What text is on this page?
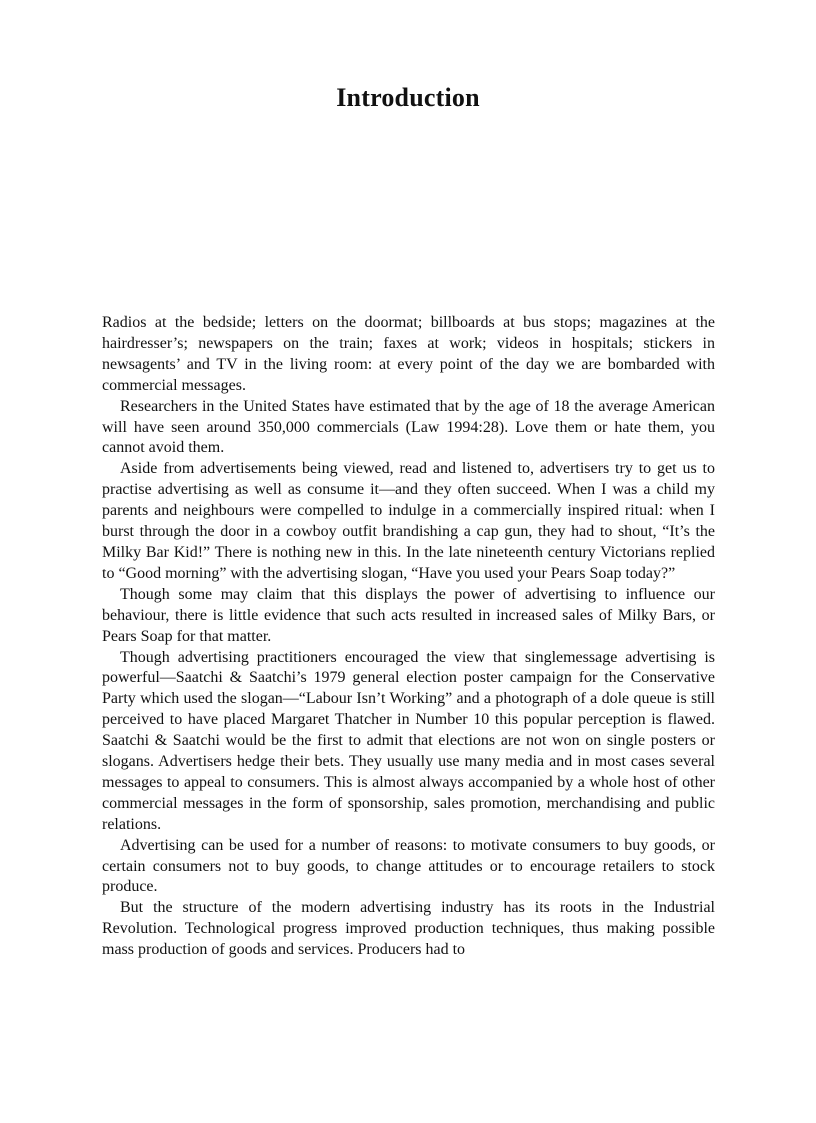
Introduction

Radios at the bedside; letters on the doormat; billboards at bus stops; magazines at the hairdresser’s; newspapers on the train; faxes at work; videos in hospitals; stickers in newsagents’ and TV in the living room: at every point of the day we are bombarded with commercial messages.

Researchers in the United States have estimated that by the age of 18 the average American will have seen around 350,000 commercials (Law 1994:28). Love them or hate them, you cannot avoid them.

Aside from advertisements being viewed, read and listened to, advertisers try to get us to practise advertising as well as consume it—and they often succeed. When I was a child my parents and neighbours were compelled to indulge in a commercially inspired ritual: when I burst through the door in a cowboy outfit brandishing a cap gun, they had to shout, “It’s the Milky Bar Kid!” There is nothing new in this. In the late nineteenth century Victorians replied to “Good morning” with the advertising slogan, “Have you used your Pears Soap today?”

Though some may claim that this displays the power of advertising to influence our behaviour, there is little evidence that such acts resulted in increased sales of Milky Bars, or Pears Soap for that matter.

Though advertising practitioners encouraged the view that singlemessage advertising is powerful—Saatchi & Saatchi’s 1979 general election poster campaign for the Conservative Party which used the slogan—“Labour Isn’t Working” and a photograph of a dole queue is still perceived to have placed Margaret Thatcher in Number 10 this popular perception is flawed. Saatchi & Saatchi would be the first to admit that elections are not won on single posters or slogans. Advertisers hedge their bets. They usually use many media and in most cases several messages to appeal to consumers. This is almost always accompanied by a whole host of other commercial messages in the form of sponsorship, sales promotion, merchandising and public relations.

Advertising can be used for a number of reasons: to motivate consumers to buy goods, or certain consumers not to buy goods, to change attitudes or to encourage retailers to stock produce.

But the structure of the modern advertising industry has its roots in the Industrial Revolution. Technological progress improved production techniques, thus making possible mass production of goods and services. Producers had to
